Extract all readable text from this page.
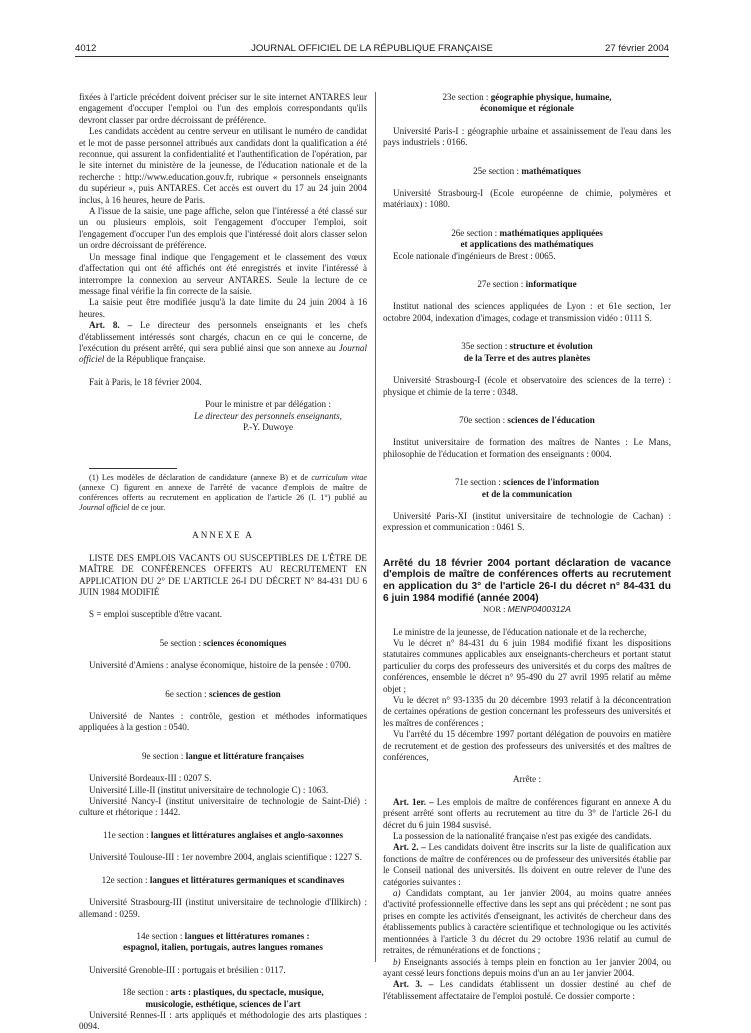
4012	JOURNAL OFFICIEL DE LA RÉPUBLIQUE FRANÇAISE	27 février 2004

fixées à l'article précédent doivent préciser sur le site internet ANTARES leur engagement d'occuper l'emploi ou l'un des emplois correspondants qu'ils devront classer par ordre décroissant de préférence.

Les candidats accèdent au centre serveur en utilisant le numéro de candidat et le mot de passe personnel attribués aux candidats dont la qualification a été reconnue, qui assurent la confidentialité et l'authentification de l'opération, par le site internet du ministère de la jeunesse, de l'éducation nationale et de la recherche : http://www.education.gouv.fr, rubrique « personnels enseignants du supérieur », puis ANTARES. Cet accès est ouvert du 17 au 24 juin 2004 inclus, à 16 heures, heure de Paris.

A l'issue de la saisie, une page affiche, selon que l'intéressé a été classé sur un ou plusieurs emplois, soit l'engagement d'occuper l'emploi, soit l'engagement d'occuper l'un des emplois que l'intéressé doit alors classer selon un ordre décroissant de préférence.

Un message final indique que l'engagement et le classement des vœux d'affectation qui ont été affichés ont été enregistrés et invite l'intéressé à interrompre la connexion au serveur ANTARES. Seule la lecture de ce message final vérifie la fin correcte de la saisie.

La saisie peut être modifiée jusqu'à la date limite du 24 juin 2004 à 16 heures.

Art. 8. – Le directeur des personnels enseignants et les chefs d'établissement intéressés sont chargés, chacun en ce qui le concerne, de l'exécution du présent arrêté, qui sera publié ainsi que son annexe au Journal officiel de la République française.

Fait à Paris, le 18 février 2004.

Pour le ministre et par délégation :

Le directeur des personnels enseignants,

P.-Y. Duwoye

(1) Les modèles de déclaration de candidature (annexe B) et de curriculum vitae (annexe C) figurent en annexe de l'arrêté de vacance d'emplois de maître de conférences offerts au recrutement en application de l'article 26 (I. 1°) publié au Journal officiel de ce jour.

ANNEXE A

LISTE DES EMPLOIS VACANTS OU SUSCEPTIBLES DE L'ÊTRE DE MAÎTRE DE CONFÉRENCES OFFERTS AU RECRUTEMENT EN APPLICATION DU 2° DE L'ARTICLE 26-I DU DÉCRET N° 84-431 DU 6 JUIN 1984 MODIFIÉ

S = emploi susceptible d'être vacant.

5e section : sciences économiques

Université d'Amiens : analyse économique, histoire de la pensée : 0700.

6e section : sciences de gestion

Université de Nantes : contrôle, gestion et méthodes informatiques appliquées à la gestion : 0540.

9e section : langue et littérature françaises

Université Bordeaux-III : 0207 S.

Université Lille-II (institut universitaire de technologie C) : 1063.

Université Nancy-I (institut universitaire de technologie de Saint-Dié) : culture et rhétorique : 1442.

11e section : langues et littératures anglaises et anglo-saxonnes

Université Toulouse-III : 1er novembre 2004, anglais scientifique : 1227 S.

12e section : langues et littératures germaniques et scandinaves

Université Strasbourg-III (institut universitaire de technologie d'Illkirch) : allemand : 0259.

14e section : langues et littératures romanes :
espagnol, italien, portugais, autres langues romanes

Université Grenoble-III : portugais et brésilien : 0117.

18e section : arts : plastiques, du spectacle, musique,
musicologie, esthétique, sciences de l'art

Université Rennes-II : arts appliqués et méthodologie des arts plastiques : 0094.

23e section : géographie physique, humaine,
économique et régionale

Université Paris-I : géographie urbaine et assainissement de l'eau dans les pays industriels : 0166.

25e section : mathématiques

Université Strasbourg-I (Ecole européenne de chimie, polymères et matériaux) : 1080.

26e section : mathématiques appliquées
et applications des mathématiques

Ecole nationale d'ingénieurs de Brest : 0065.

27e section : informatique

Institut national des sciences appliquées de Lyon : et 61e section, 1er octobre 2004, indexation d'images, codage et transmission vidéo : 0111 S.

35e section : structure et évolution
de la Terre et des autres planètes

Université Strasbourg-I (école et observatoire des sciences de la terre) : physique et chimie de la terre : 0348.

70e section : sciences de l'éducation

Institut universitaire de formation des maîtres de Nantes : Le Mans, philosophie de l'éducation et formation des enseignants : 0004.

71e section : sciences de l'information
et de la communication

Université Paris-XI (institut universitaire de technologie de Cachan) : expression et communication : 0461 S.

Arrêté du 18 février 2004 portant déclaration de vacance d'emplois de maître de conférences offerts au recrutement en application du 3° de l'article 26-I du décret n° 84-431 du 6 juin 1984 modifié (année 2004)

NOR : MENP0400312A

Le ministre de la jeunesse, de l'éducation nationale et de la recherche,

Vu le décret n° 84-431 du 6 juin 1984 modifié fixant les dispositions statutaires communes applicables aux enseignants-chercheurs et portant statut particulier du corps des professeurs des universités et du corps des maîtres de conférences, ensemble le décret n° 95-490 du 27 avril 1995 relatif au même objet ;

Vu le décret n° 93-1335 du 20 décembre 1993 relatif à la déconcentration de certaines opérations de gestion concernant les professeurs des universités et les maîtres de conférences ;

Vu l'arrêté du 15 décembre 1997 portant délégation de pouvoirs en matière de recrutement et de gestion des professeurs des universités et des maîtres de conférences,

Arrête :

Art. 1er. – Les emplois de maître de conférences figurant en annexe A du présent arrêté sont offerts au recrutement au titre du 3° de l'article 26-I du décret du 6 juin 1984 susvisé.

La possession de la nationalité française n'est pas exigée des candidats.

Art. 2. – Les candidats doivent être inscrits sur la liste de qualification aux fonctions de maître de conférences ou de professeur des universités établie par le Conseil national des universités. Ils doivent en outre relever de l'une des catégories suivantes :

a) Candidats comptant, au 1er janvier 2004, au moins quatre années d'activité professionnelle effective dans les sept ans qui précèdent ; ne sont pas prises en compte les activités d'enseignant, les activités de chercheur dans des établissements publics à caractère scientifique et technologique ou les activités mentionnées à l'article 3 du décret du 29 octobre 1936 relatif au cumul de retraites, de rémunérations et de fonctions ;

b) Enseignants associés à temps plein en fonction au 1er janvier 2004, ou ayant cessé leurs fonctions depuis moins d'un an au 1er janvier 2004.

Art. 3. – Les candidats établissent un dossier destiné au chef de l'établissement affectataire de l'emploi postulé. Ce dossier comporte :
